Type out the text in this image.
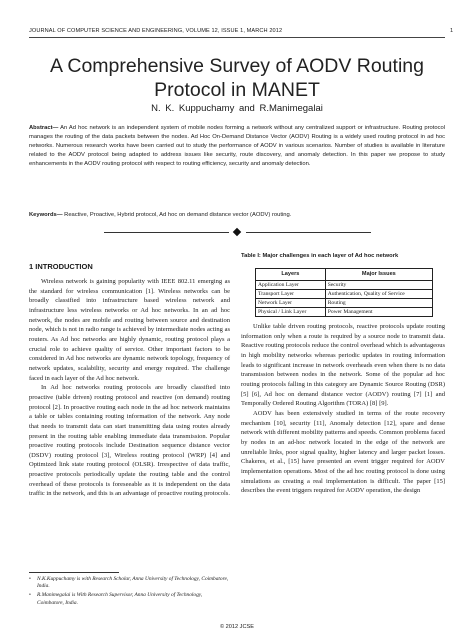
JOURNAL OF COMPUTER SCIENCE AND ENGINEERING, VOLUME 12, ISSUE 1, MARCH 2012	1
A Comprehensive Survey of AODV Routing Protocol in MANET
N. K. Kuppuchamy and R.Manimegalai
Abstract— An Ad hoc network is an independent system of mobile nodes forming a network without any centralized support or infrastructure. Routing protocol manages the routing of the data packets between the nodes. Ad Hoc On-Demand Distance Vector (AODV) Routing is a widely used routing protocol in ad hoc networks. Numerous research works have been carried out to study the performance of AODV in various scenarios. Number of studies is available in literature related to the AODV protocol being adapted to address issues like security, route discovery, and anomaly detection. In this paper we propose to study enhancements in the AODV routing protocol with respect to routing efficiency, security and anomaly detection.
Keywords— Reactive, Proactive, Hybrid protocol, Ad hoc on demand distance vector (AODV) routing.
1 INTRODUCTION

Wireless network is gaining popularity with IEEE 802.11 emerging as the standard for wireless communication [1]. Wireless networks can be broadly classified into infrastructure based wireless network and infrastructure less wireless networks or Ad hoc networks. In an ad hoc network, the nodes are mobile and routing between source and destination node, which is not in radio range is achieved by intermediate nodes acting as routers. As Ad hoc networks are highly dynamic, routing protocol plays a crucial role to achieve quality of service. Other important factors to be considered in Ad hoc networks are dynamic network topology, frequency of network updates, scalability, security and energy required. The challenge faced in each layer of the Ad hoc network.

In Ad hoc networks routing protocols are broadly classified into proactive (table driven) routing protocol and reactive (on demand) routing protocol [2]. In proactive routing each node in the ad hoc network maintains a table or tables containing routing information of the network. Any node that needs to transmit data can start transmitting data using routes already present in the routing table enabling immediate data transmission. Popular proactive routing protocols include Destination sequence distance vector (DSDV) routing protocol [3], Wireless routing protocol (WRP) [4] and Optimized link state routing protocol (OLSR). Irrespective of data traffic, proactive protocols periodically update the routing table and the control overhead of these protocols is foreseeable as it is independent on the data traffic in the network, and this is an advantage of proactive routing protocols.

Table I: Major challenges in each layer of Ad hoc network
Layers	Major Issues
Application Layer	Security
Transport Layer	Authentication, Quality of Service
Network Layer	Routing
Physical / Link Layer	Power Management

Unlike table driven routing protocols, reactive protocols update routing information only when a route is required by a source node to transmit data. Reactive routing protocols reduce the control overhead which is advantageous in high mobility networks whereas periodic updates in routing information leads to significant increase in network overheads even when there is no data transmission between nodes in the network. Some of the popular ad hoc routing protocols falling in this category are Dynamic Source Routing (DSR) [5] [6], Ad hoc on demand distance vector (AODV) routing [7] [1] and Temporally Ordered Routing Algorithm (TORA) [8] [9].

AODV has been extensively studied in terms of the route recovery mechanism [10], security [11], Anomaly detection [12], spare and dense network with different mobility patterns and speeds. Common problems faced by nodes in an ad-hoc network located in the edge of the network are unreliable links, poor signal quality, higher latency and larger packet losses. Chakeres, et al., [15] have presented an event trigger required for AODV implementation operations. Most of the ad hoc routing protocol is done using simulations as creating a real implementation is difficult. The paper [15] describes the event triggers required for AODV operation, the design

• N.K.Kuppuchamy is with Research Scholar, Anna University of Technology, Coimbatore, India.
• R.Manimegalai is With Research Supervisor, Anna University of Technology, Coimbatore, India.
© 2012 JCSE
